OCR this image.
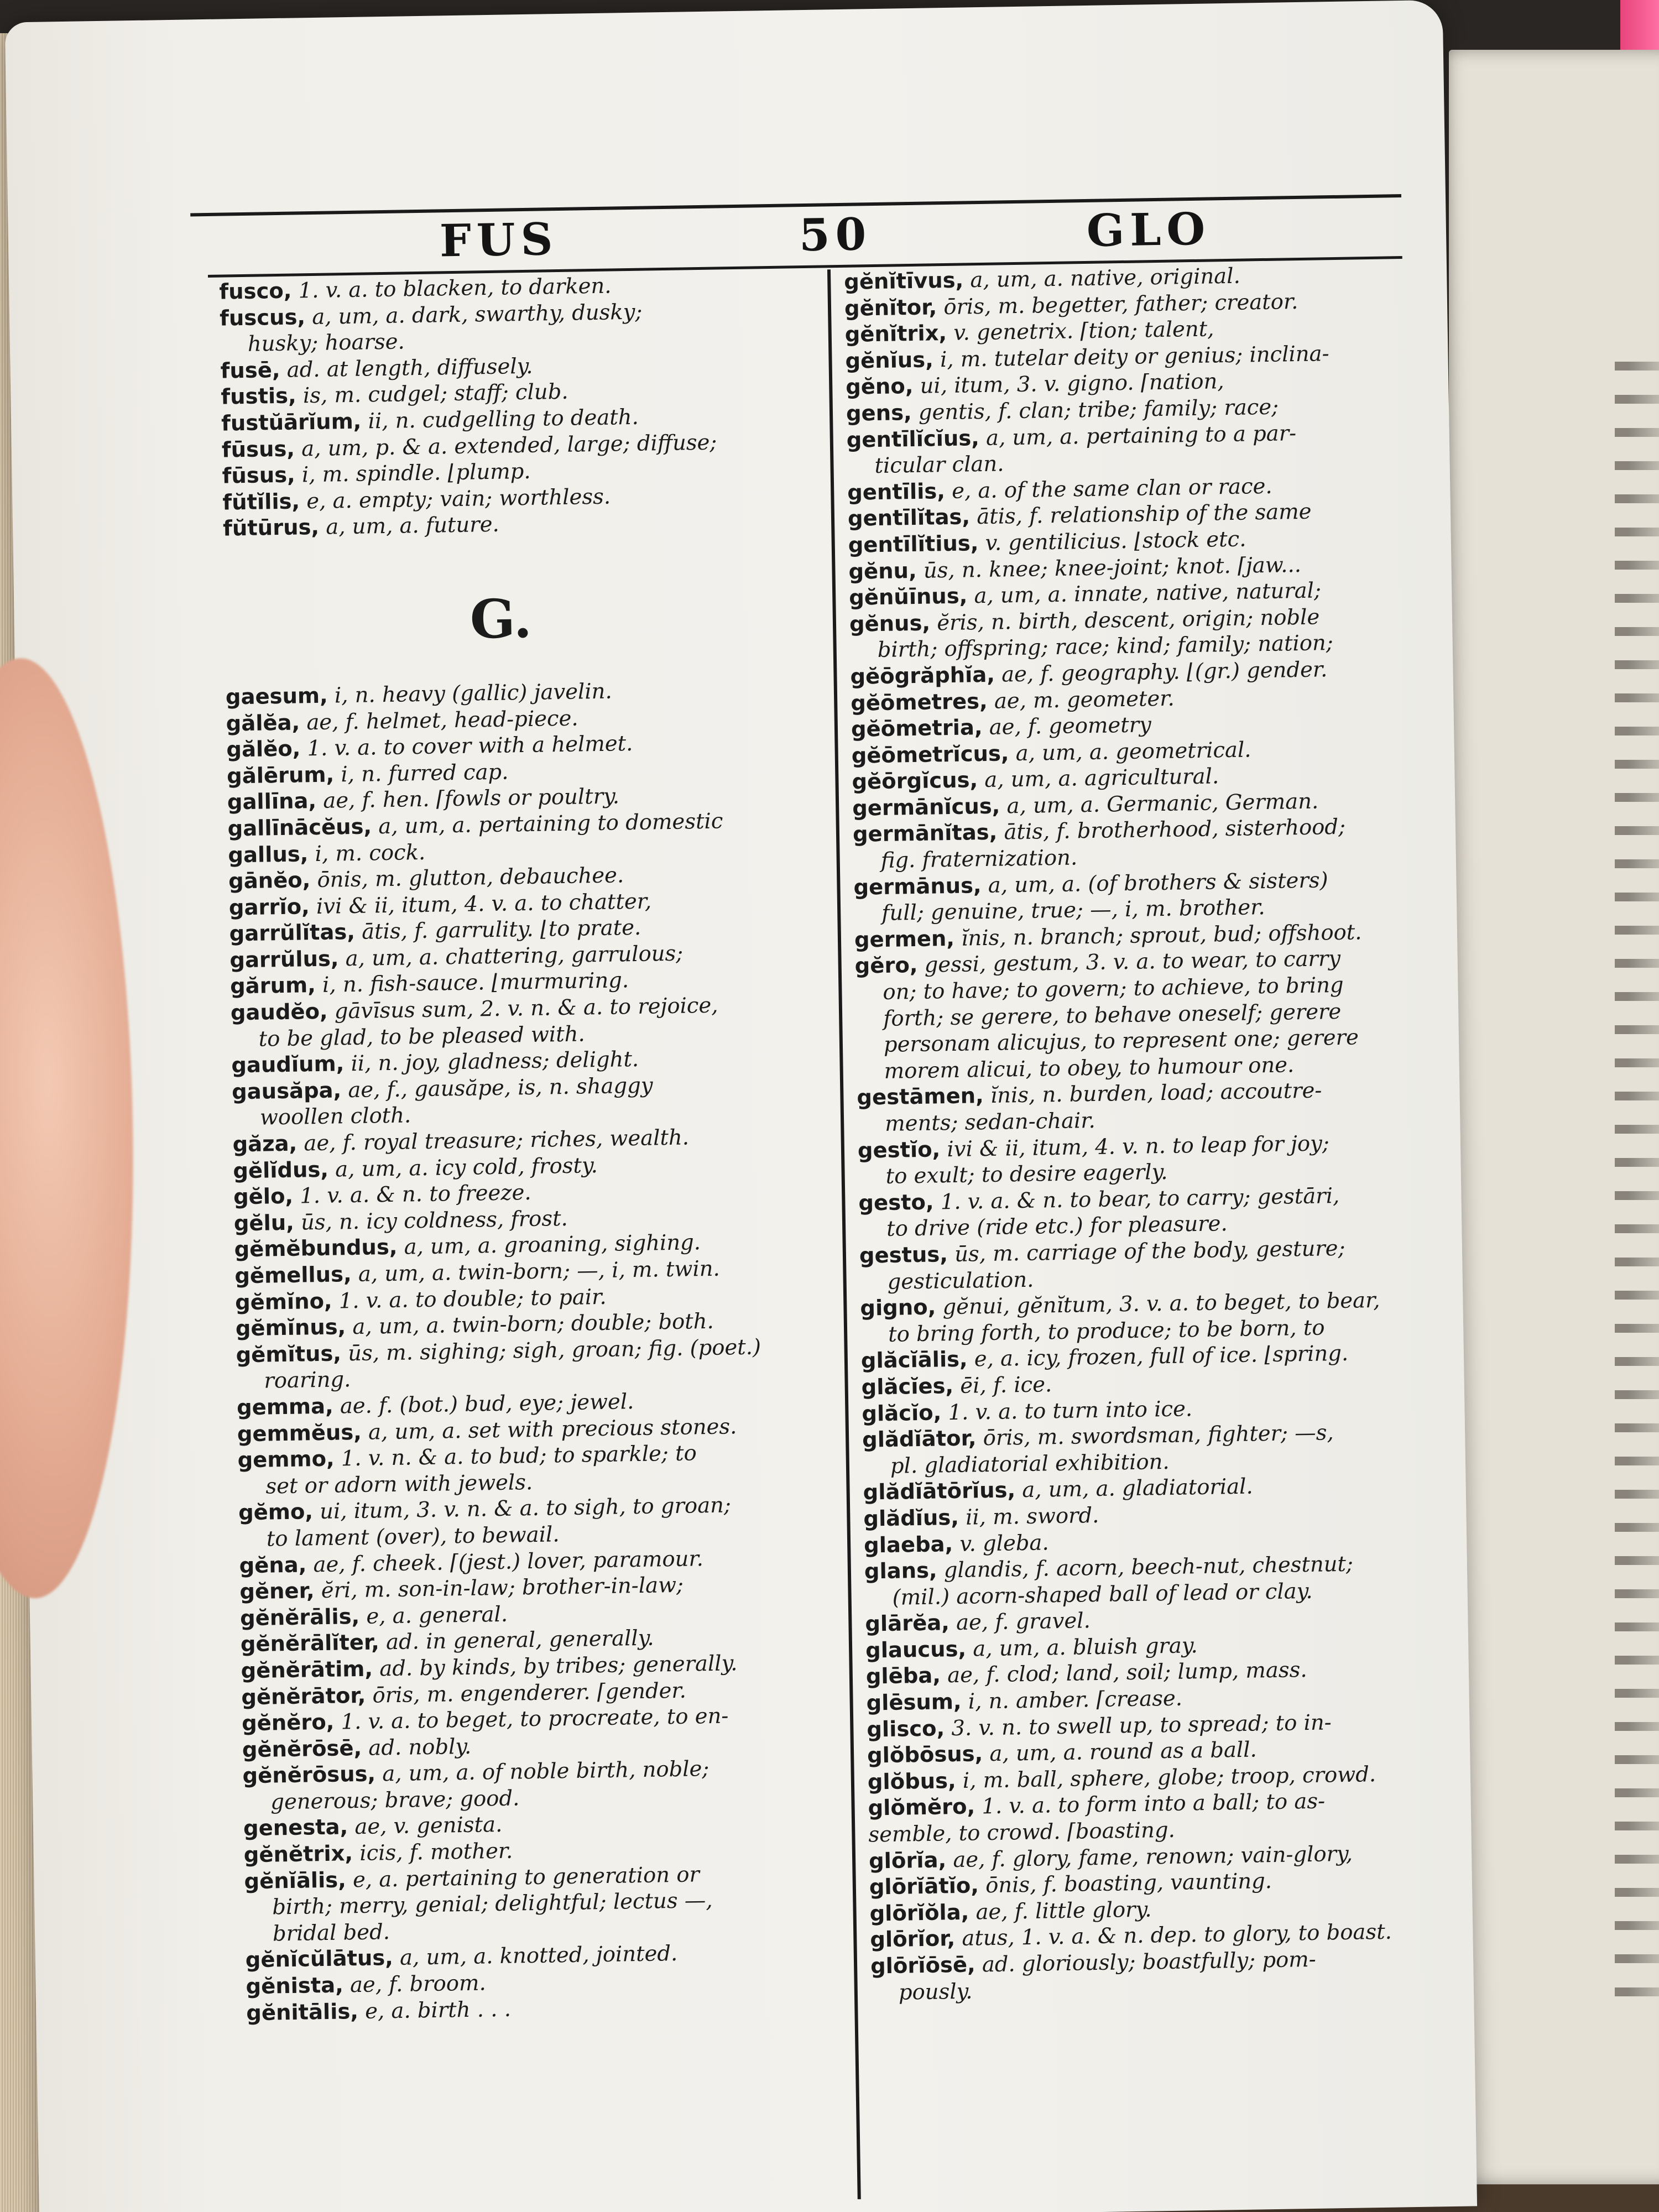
FUS	50	GLO
fusco, 1. v. a. to blacken, to darken.
fuscus, a, um, a. dark, swarthy, dusky;
husky; hoarse.
fusē, ad. at length, diffusely.
fustis, is, m. cudgel; staff; club.
fustŭārĭum, ii, n. cudgelling to death.
fūsus, a, um, p. & a. extended, large; diffuse;
fūsus, i, m. spindle. ⌊plump.
fŭtĭlis, e, a. empty; vain; worthless.
fŭtūrus, a, um, a. future.
G.
gaesum, i, n. heavy (gallic) javelin.
gălĕa, ae, f. helmet, head-piece.
gălĕo, 1. v. a. to cover with a helmet.
gălērum, i, n. furred cap.
gallīna, ae, f. hen. ⌈fowls or poultry.
gallīnācĕus, a, um, a. pertaining to domestic
gallus, i, m. cock.
gānĕo, ōnis, m. glutton, debauchee.
garrĭo, ivi & ii, itum, 4. v. a. to chatter,
garrŭlĭtas, ātis, f. garrulity. ⌊to prate.
garrŭlus, a, um, a. chattering, garrulous;
gărum, i, n. fish-sauce. ⌊murmuring.
gaudĕo, gāvīsus sum, 2. v. n. & a. to rejoice,
to be glad, to be pleased with.
gaudĭum, ii, n. joy, gladness; delight.
gausăpa, ae, f., gausăpe, is, n. shaggy
woollen cloth.
găza, ae, f. royal treasure; riches, wealth.
gĕlĭdus, a, um, a. icy cold, frosty.
gĕlo, 1. v. a. & n. to freeze.
gĕlu, ūs, n. icy coldness, frost.
gĕmĕbundus, a, um, a. groaning, sighing.
gĕmellus, a, um, a. twin-born; —, i, m. twin.
gĕmĭno, 1. v. a. to double; to pair.
gĕmĭnus, a, um, a. twin-born; double; both.
gĕmĭtus, ūs, m. sighing; sigh, groan; fig. (poet.)
roaring.
gemma, ae. f. (bot.) bud, eye; jewel.
gemmĕus, a, um, a. set with precious stones.
gemmo, 1. v. n. & a. to bud; to sparkle; to
set or adorn with jewels.
gĕmo, ui, itum, 3. v. n. & a. to sigh, to groan;
to lament (over), to bewail.
gĕna, ae, f. cheek. ⌈(jest.) lover, paramour.
gĕner, ĕri, m. son-in-law; brother-in-law;
gĕnĕrālis, e, a. general.
gĕnĕrālĭter, ad. in general, generally.
gĕnĕrātim, ad. by kinds, by tribes; generally.
gĕnĕrātor, ōris, m. engenderer. ⌈gender.
gĕnĕro, 1. v. a. to beget, to procreate, to en-
gĕnĕrōsē, ad. nobly.
gĕnĕrōsus, a, um, a. of noble birth, noble;
generous; brave; good.
genesta, ae, v. genista.
gĕnĕtrix, icis, f. mother.
gĕnĭālis, e, a. pertaining to generation or
birth; merry, genial; delightful; lectus —,
bridal bed.
gĕnĭcŭlātus, a, um, a. knotted, jointed.
gĕnista, ae, f. broom.
gĕnitālis, e, a. birth . . .
gĕnĭtīvus, a, um, a. native, original.
gĕnĭtor, ōris, m. begetter, father; creator.
gĕnĭtrix, v. genetrix. ⌈tion; talent,
gĕnĭus, i, m. tutelar deity or genius; inclina-
gĕno, ui, itum, 3. v. gigno. ⌈nation,
gens, gentis, f. clan; tribe; family; race;
gentīlĭcĭus, a, um, a. pertaining to a par-
ticular clan.
gentīlis, e, a. of the same clan or race.
gentīlĭtas, ātis, f. relationship of the same
gentīlĭtius, v. gentilicius. ⌊stock etc.
gĕnu, ūs, n. knee; knee-joint; knot. ⌈jaw...
gĕnŭīnus, a, um, a. innate, native, natural;
gĕnus, ĕris, n. birth, descent, origin; noble
birth; offspring; race; kind; family; nation;
gĕōgrăphĭa, ae, f. geography. ⌊(gr.) gender.
gĕōmetres, ae, m. geometer.
gĕōmetria, ae, f. geometry
gĕōmetrĭcus, a, um, a. geometrical.
gĕōrgĭcus, a, um, a. agricultural.
germānĭcus, a, um, a. Germanic, German.
germānĭtas, ātis, f. brotherhood, sisterhood;
fig. fraternization.
germānus, a, um, a. (of brothers & sisters)
full; genuine, true; —, i, m. brother.
germen, ĭnis, n. branch; sprout, bud; offshoot.
gĕro, gessi, gestum, 3. v. a. to wear, to carry
on; to have; to govern; to achieve, to bring
forth; se gerere, to behave oneself; gerere
personam alicujus, to represent one; gerere
morem alicui, to obey, to humour one.
gestāmen, ĭnis, n. burden, load; accoutre-
ments; sedan-chair.
gestĭo, ivi & ii, itum, 4. v. n. to leap for joy;
to exult; to desire eagerly.
gesto, 1. v. a. & n. to bear, to carry; gestāri,
to drive (ride etc.) for pleasure.
gestus, ūs, m. carriage of the body, gesture;
gesticulation.
gigno, gĕnui, gĕnĭtum, 3. v. a. to beget, to bear,
to bring forth, to produce; to be born, to
glăcĭālis, e, a. icy, frozen, full of ice. ⌊spring.
glăcĭes, ēi, f. ice.
glăcĭo, 1. v. a. to turn into ice.
glădĭātor, ōris, m. swordsman, fighter; —s,
pl. gladiatorial exhibition.
glădĭātōrĭus, a, um, a. gladiatorial.
glădĭus, ii, m. sword.
glaeba, v. gleba.
glans, glandis, f. acorn, beech-nut, chestnut;
(mil.) acorn-shaped ball of lead or clay.
glārĕa, ae, f. gravel.
glaucus, a, um, a. bluish gray.
glēba, ae, f. clod; land, soil; lump, mass.
glēsum, i, n. amber. ⌈crease.
glisco, 3. v. n. to swell up, to spread; to in-
glŏbōsus, a, um, a. round as a ball.
glŏbus, i, m. ball, sphere, globe; troop, crowd.
glŏmĕro, 1. v. a. to form into a ball; to as-
semble, to crowd. ⌈boasting.
glōrĭa, ae, f. glory, fame, renown; vain-glory,
glōrĭātĭo, ōnis, f. boasting, vaunting.
glōrĭŏla, ae, f. little glory.
glōrĭor, atus, 1. v. a. & n. dep. to glory, to boast.
glōrĭōsē, ad. gloriously; boastfully; pom-
pously.
